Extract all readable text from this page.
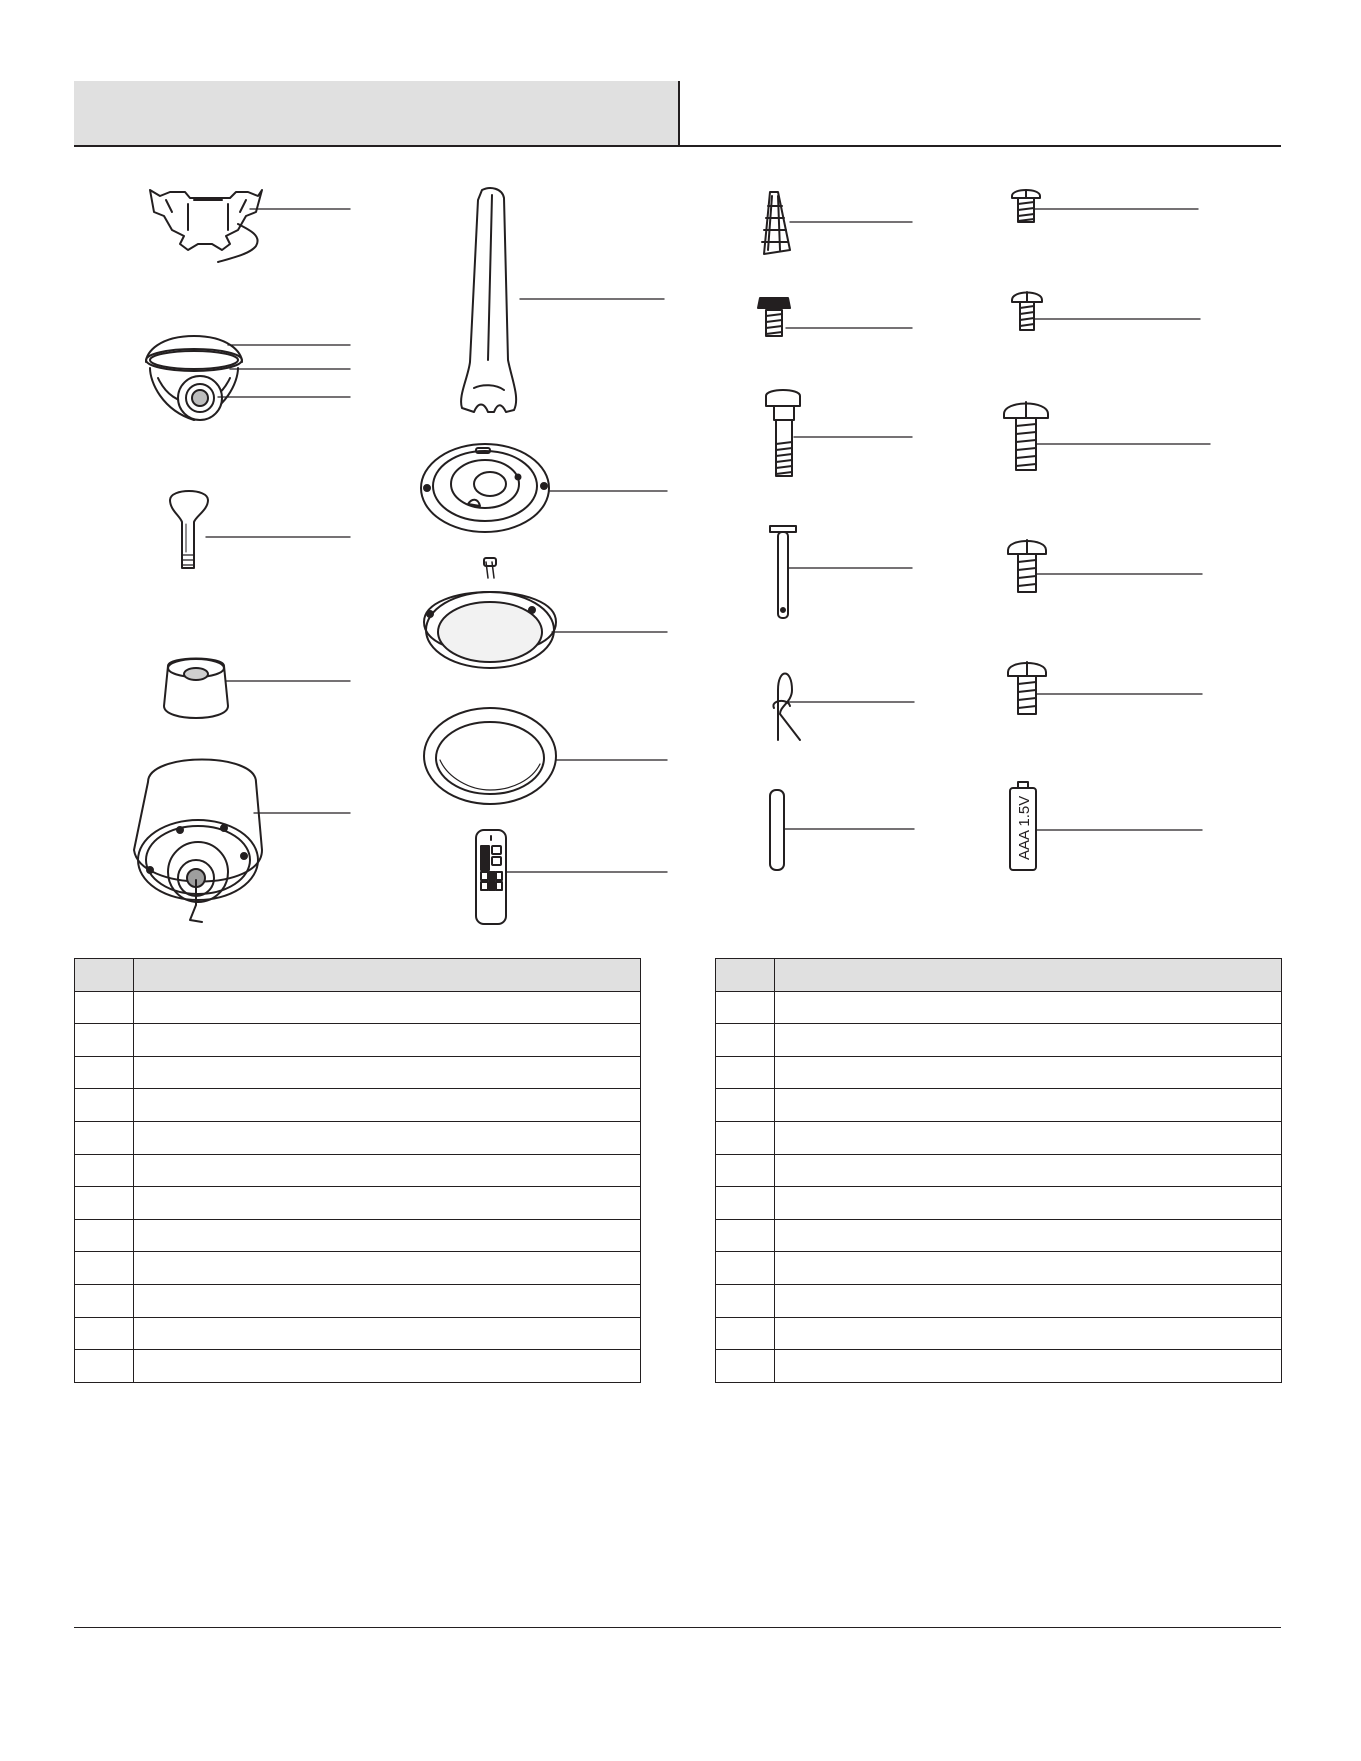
AAA 1.5V
